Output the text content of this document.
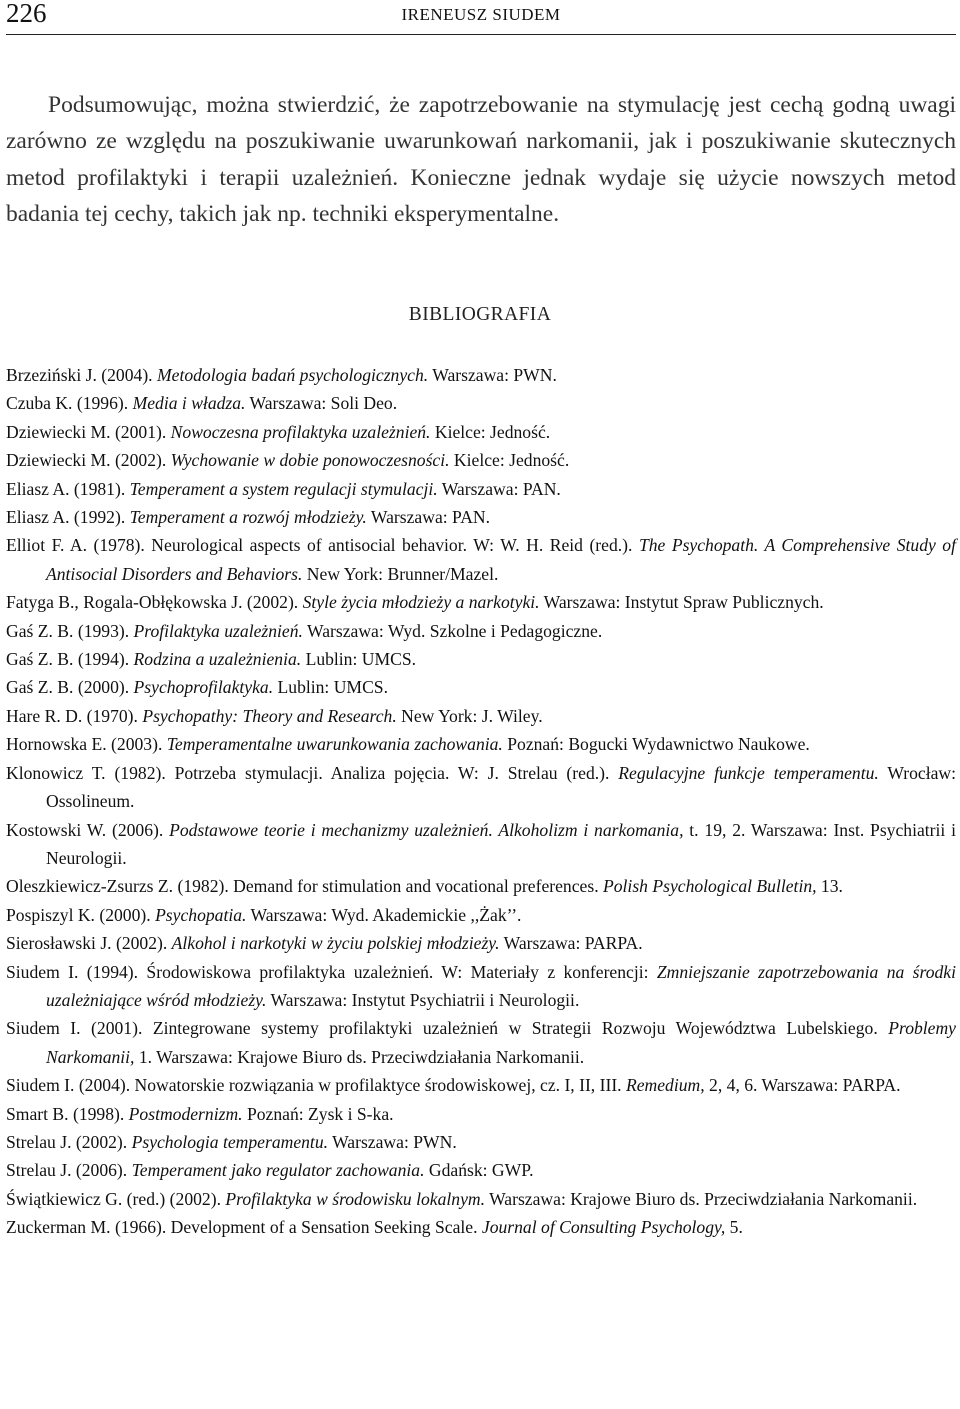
226	IRENEUSZ SIUDEM

Podsumowując, można stwierdzić, że zapotrzebowanie na stymulację jest cechą godną uwagi zarówno ze względu na poszukiwanie uwarunkowań narkomanii, jak i poszukiwanie skutecznych metod profilaktyki i terapii uzależnień. Konieczne jednak wydaje się użycie nowszych metod badania tej cechy, takich jak np. techniki eksperymentalne.

BIBLIOGRAFIA
Brzeziński J. (2004). Metodologia badań psychologicznych. Warszawa: PWN.
Czuba K. (1996). Media i władza. Warszawa: Soli Deo.
Dziewiecki M. (2001). Nowoczesna profilaktyka uzależnień. Kielce: Jedność.
Dziewiecki M. (2002). Wychowanie w dobie ponowoczesności. Kielce: Jedność.
Eliasz A. (1981). Temperament a system regulacji stymulacji. Warszawa: PAN.
Eliasz A. (1992). Temperament a rozwój młodzieży. Warszawa: PAN.
Elliot F. A. (1978). Neurological aspects of antisocial behavior. W: W. H. Reid (red.). The Psychopath. A Comprehensive Study of Antisocial Disorders and Behaviors. New York: Brunner/Mazel.
Fatyga B., Rogala-Obłękowska J. (2002). Style życia młodzieży a narkotyki. Warszawa: Instytut Spraw Publicznych.
Gaś Z. B. (1993). Profilaktyka uzależnień. Warszawa: Wyd. Szkolne i Pedagogiczne.
Gaś Z. B. (1994). Rodzina a uzależnienia. Lublin: UMCS.
Gaś Z. B. (2000). Psychoprofilaktyka. Lublin: UMCS.
Hare R. D. (1970). Psychopathy: Theory and Research. New York: J. Wiley.
Hornowska E. (2003). Temperamentalne uwarunkowania zachowania. Poznań: Bogucki Wydawnictwo Naukowe.
Klonowicz T. (1982). Potrzeba stymulacji. Analiza pojęcia. W: J. Strelau (red.). Regulacyjne funkcje temperamentu. Wrocław: Ossolineum.
Kostowski W. (2006). Podstawowe teorie i mechanizmy uzależnień. Alkoholizm i narkomania, t. 19, 2. Warszawa: Inst. Psychiatrii i Neurologii.
Oleszkiewicz-Zsurzs Z. (1982). Demand for stimulation and vocational preferences. Polish Psychological Bulletin, 13.
Pospiszyl K. (2000). Psychopatia. Warszawa: Wyd. Akademickie ,,Żak’’.
Sierosławski J. (2002). Alkohol i narkotyki w życiu polskiej młodzieży. Warszawa: PARPA.
Siudem I. (1994). Środowiskowa profilaktyka uzależnień. W: Materiały z konferencji: Zmniejszanie zapotrzebowania na środki uzależniające wśród młodzieży. Warszawa: Instytut Psychiatrii i Neurologii.
Siudem I. (2001). Zintegrowane systemy profilaktyki uzależnień w Strategii Rozwoju Województwa Lubelskiego. Problemy Narkomanii, 1. Warszawa: Krajowe Biuro ds. Przeciwdziałania Narkomanii.
Siudem I. (2004). Nowatorskie rozwiązania w profilaktyce środowiskowej, cz. I, II, III. Remedium, 2, 4, 6. Warszawa: PARPA.
Smart B. (1998). Postmodernizm. Poznań: Zysk i S-ka.
Strelau J. (2002). Psychologia temperamentu. Warszawa: PWN.
Strelau J. (2006). Temperament jako regulator zachowania. Gdańsk: GWP.
Świątkiewicz G. (red.) (2002). Profilaktyka w środowisku lokalnym. Warszawa: Krajowe Biuro ds. Przeciwdziałania Narkomanii.
Zuckerman M. (1966). Development of a Sensation Seeking Scale. Journal of Consulting Psychology, 5.
